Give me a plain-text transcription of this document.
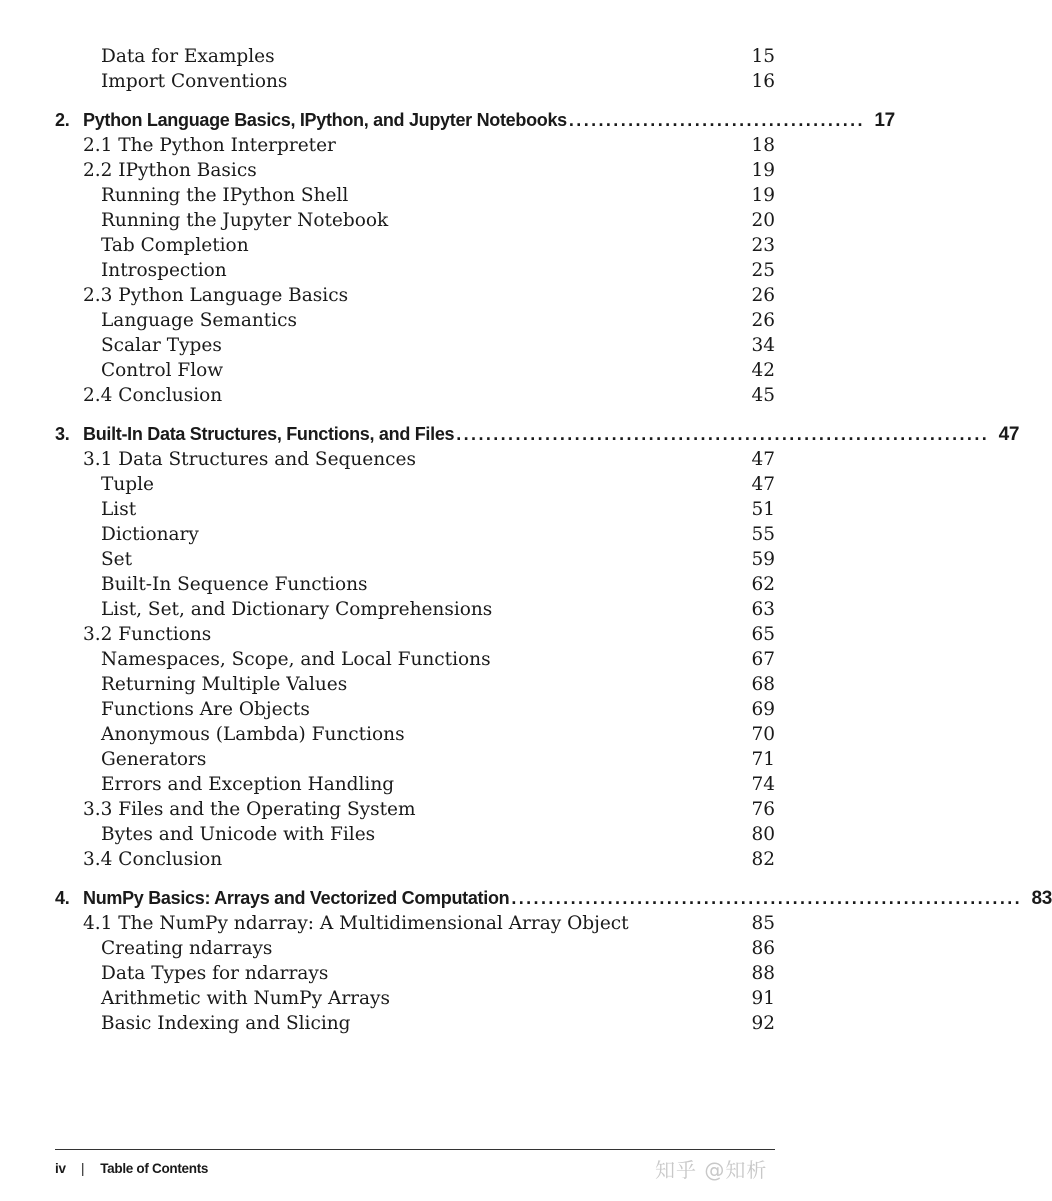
Data for Examples	15
Import Conventions	16
2. Python Language Basics, IPython, and Jupyter Notebooks ........................................ 17
2.1 The Python Interpreter	18
2.2 IPython Basics	19
Running the IPython Shell	19
Running the Jupyter Notebook	20
Tab Completion	23
Introspection	25
2.3 Python Language Basics	26
Language Semantics	26
Scalar Types	34
Control Flow	42
2.4 Conclusion	45
3. Built-In Data Structures, Functions, and Files ........................................................................ 47
3.1 Data Structures and Sequences	47
Tuple	47
List	51
Dictionary	55
Set	59
Built-In Sequence Functions	62
List, Set, and Dictionary Comprehensions	63
3.2 Functions	65
Namespaces, Scope, and Local Functions	67
Returning Multiple Values	68
Functions Are Objects	69
Anonymous (Lambda) Functions	70
Generators	71
Errors and Exception Handling	74
3.3 Files and the Operating System	76
Bytes and Unicode with Files	80
3.4 Conclusion	82
4. NumPy Basics: Arrays and Vectorized Computation ..................................................................... 83
4.1 The NumPy ndarray: A Multidimensional Array Object	85
Creating ndarrays	86
Data Types for ndarrays	88
Arithmetic with NumPy Arrays	91
Basic Indexing and Slicing	92
iv | Table of Contents	知乎 @知析
